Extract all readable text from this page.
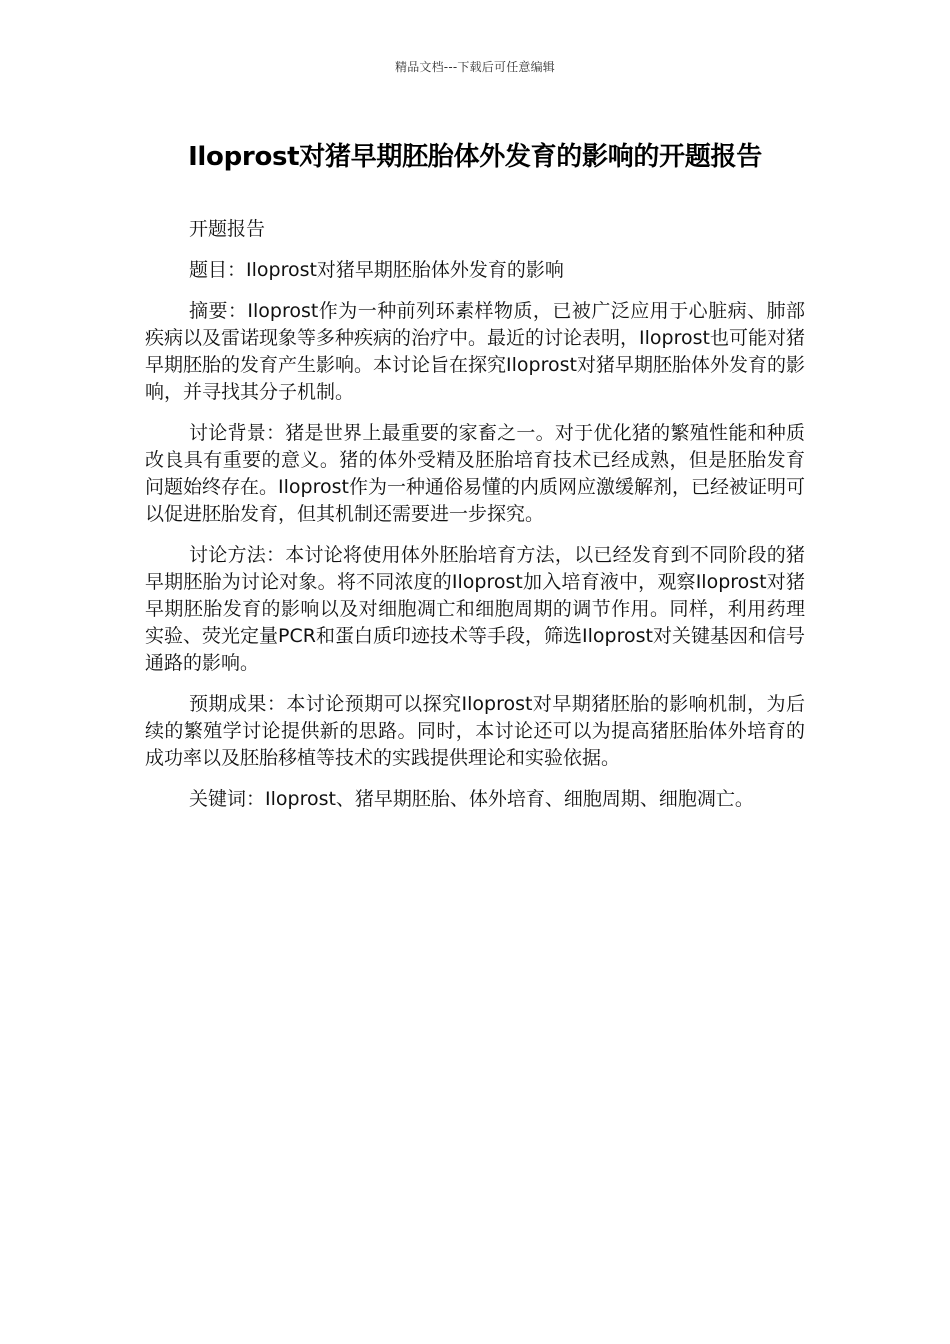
精品文档---下载后可任意编辑
Iloprost对猪早期胚胎体外发育的影响的开题报告

开题报告

题目：Iloprost对猪早期胚胎体外发育的影响

摘要：Iloprost作为一种前列环素样物质，已被广泛应用于心脏病、肺部疾病以及雷诺现象等多种疾病的治疗中。最近的讨论表明，Iloprost也可能对猪早期胚胎的发育产生影响。本讨论旨在探究Iloprost对猪早期胚胎体外发育的影响，并寻找其分子机制。

讨论背景：猪是世界上最重要的家畜之一。对于优化猪的繁殖性能和种质改良具有重要的意义。猪的体外受精及胚胎培育技术已经成熟，但是胚胎发育问题始终存在。Iloprost作为一种通俗易懂的内质网应激缓解剂，已经被证明可以促进胚胎发育，但其机制还需要进一步探究。

讨论方法：本讨论将使用体外胚胎培育方法，以已经发育到不同阶段的猪早期胚胎为讨论对象。将不同浓度的Iloprost加入培育液中，观察Iloprost对猪早期胚胎发育的影响以及对细胞凋亡和细胞周期的调节作用。同样，利用药理实验、荧光定量PCR和蛋白质印迹技术等手段，筛选Iloprost对关键基因和信号通路的影响。

预期成果：本讨论预期可以探究Iloprost对早期猪胚胎的影响机制，为后续的繁殖学讨论提供新的思路。同时，本讨论还可以为提高猪胚胎体外培育的成功率以及胚胎移植等技术的实践提供理论和实验依据。

关键词：Iloprost、猪早期胚胎、体外培育、细胞周期、细胞凋亡。
